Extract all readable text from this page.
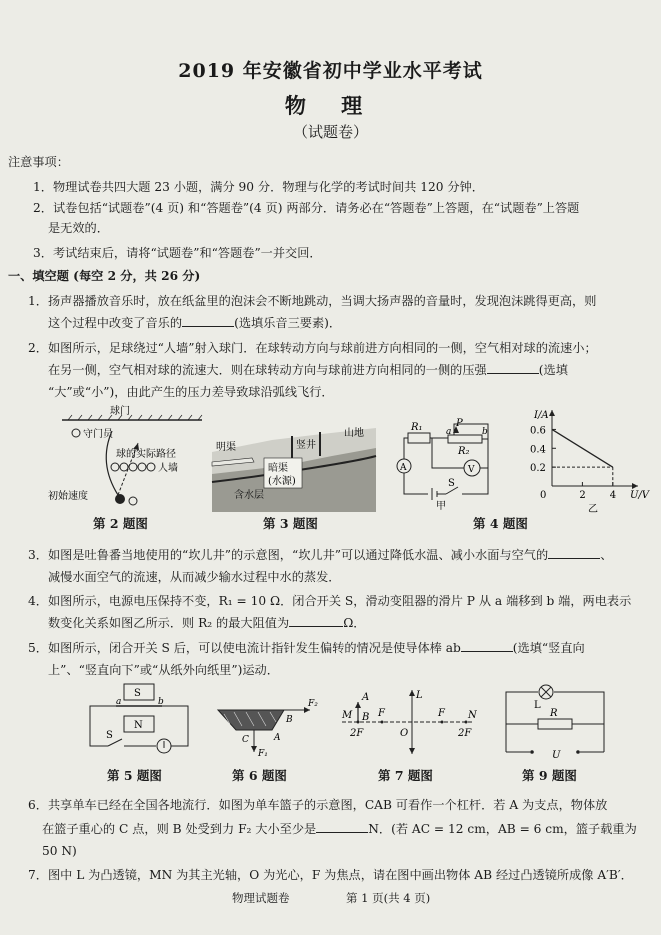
2019 年安徽省初中学业水平考试
物 理
（试题卷）
注意事项：
1．物理试卷共四大题 23 小题，满分 90 分．物理与化学的考试时间共 120 分钟．
2．试卷包括“试题卷”(4 页) 和“答题卷”(4 页) 两部分．请务必在“答题卷”上答题，在“试题卷”上答题
是无效的．
3．考试结束后，请将“试题卷”和“答题卷”一并交回．
一、填空题 (每空 2 分，共 26 分)
1．扬声器播放音乐时，放在纸盆里的泡沫会不断地跳动，当调大扬声器的音量时，发现泡沫跳得更高，则
这个过程中改变了音乐的	(选填乐音三要素)．
2．如图所示，足球绕过“人墙”射入球门．在球转动方向与球前进方向相同的一侧，空气相对球的流速小；
在另一侧，空气相对球的流速大．则在球转动方向与球前进方向相同的一侧的压强	(选填
“大”或“小”)，由此产生的压力差导致球沿弧线飞行．
球门
守门员
球的实际路径
人墙
初始速度
第 2 题图
明渠	竖井
山地
暗渠
(水源)
含水层
第 3 题图
R₁	P
a	b
R₂
A	V
S
甲
0.6
0.4
0.2
2 4
0
I/A
U/V
乙
第 4 题图
3．如图是吐鲁番当地使用的“坎儿井”的示意图，“坎儿井”可以通过降低水温、减小水面与空气的	、
减慢水面空气的流速，从而减少输水过程中水的蒸发．
4．如图所示，电源电压保持不变，R₁ = 10 Ω．闭合开关 S，滑动变阻器的滑片 P 从 a 端移到 b 端，两电表示
数变化关系如图乙所示．则 R₂ 的最大阻值为	Ω．
5．如图所示，闭合开关 S 后，可以使电流计指针发生偏转的情况是使导体棒 ab	(选填“竖直向
上”、“竖直向下”或“从纸外向纸里”)运动．
S
N
a	b
S
第 5 题图
F₂
F₁
A
B
C
第 6 题图
M	N
B
A	L
F	F
O
2F	2F
第 7 题图
L
R
U
第 9 题图
6．共享单车已经在全国各地流行．如图为单车篮子的示意图，CAB 可看作一个杠杆．若 A 为支点，物体放
在篮子重心的 C 点，则 B 处受到力 F₂ 大小至少是	N．(若 AC = 12 cm，AB = 6 cm，篮子载重为
50 N)
7．图中 L 为凸透镜，MN 为其主光轴，O 为光心，F 为焦点，请在图中画出物体 AB 经过凸透镜所成像 A′B′．
物理试题卷	第 1 页(共 4 页)
